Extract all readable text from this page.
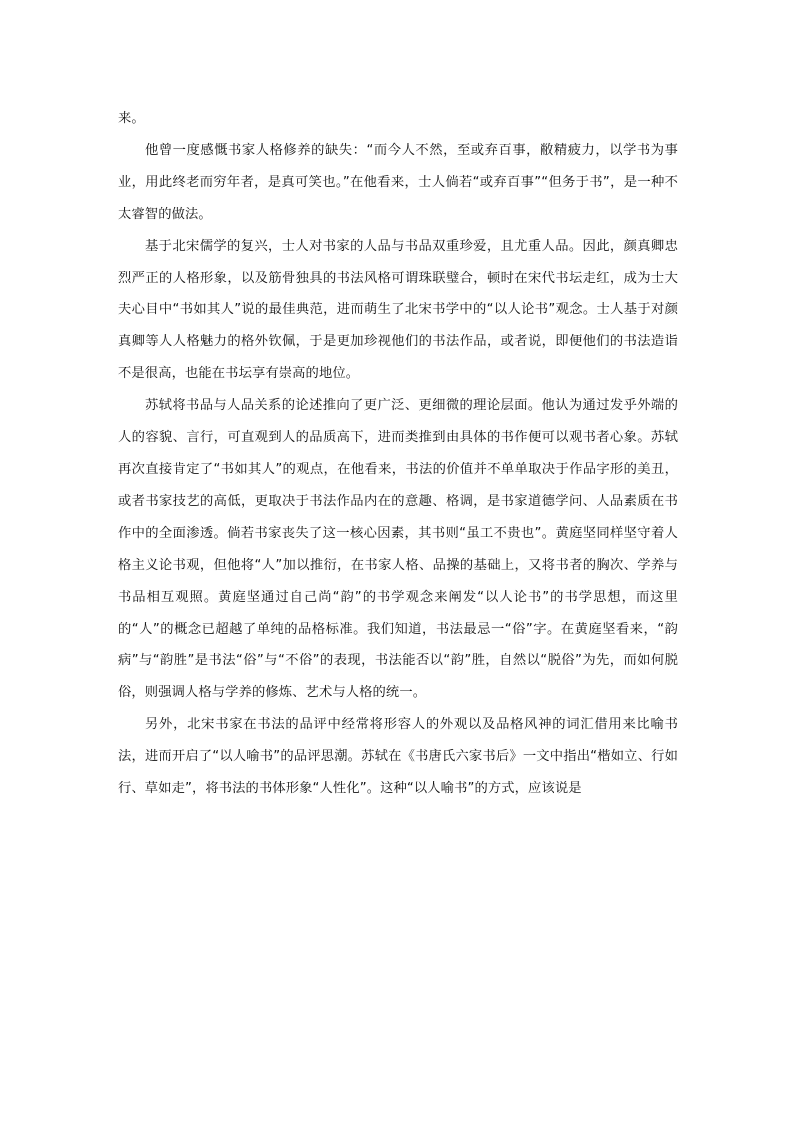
来。

他曾一度感慨书家人格修养的缺失：“而今人不然，至或弃百事，敝精疲力，以学书为事业，用此终老而穷年者，是真可笑也。”在他看来，士人倘若“或弃百事”“但务于书”，是一种不太睿智的做法。

基于北宋儒学的复兴，士人对书家的人品与书品双重珍爱，且尤重人品。因此，颜真卿忠烈严正的人格形象，以及筋骨独具的书法风格可谓珠联璧合，顿时在宋代书坛走红，成为士大夫心目中“书如其人”说的最佳典范，进而萌生了北宋书学中的“以人论书”观念。士人基于对颜真卿等人人格魅力的格外钦佩，于是更加珍视他们的书法作品，或者说，即便他们的书法造诣不是很高，也能在书坛享有崇高的地位。

苏轼将书品与人品关系的论述推向了更广泛、更细微的理论层面。他认为通过发乎外端的人的容貌、言行，可直观到人的品质高下，进而类推到由具体的书作便可以观书者心象。苏轼再次直接肯定了“书如其人”的观点，在他看来，书法的价值并不单单取决于作品字形的美丑，或者书家技艺的高低，更取决于书法作品内在的意趣、格调，是书家道德学问、人品素质在书作中的全面渗透。倘若书家丧失了这一核心因素，其书则“虽工不贵也”。黄庭坚同样坚守着人格主义论书观，但他将“人”加以推衍，在书家人格、品操的基础上，又将书者的胸次、学养与书品相互观照。黄庭坚通过自己尚“韵”的书学观念来阐发“以人论书”的书学思想，而这里的“人”的概念已超越了单纯的品格标准。我们知道，书法最忌一“俗”字。在黄庭坚看来，“韵病”与“韵胜”是书法“俗”与“不俗”的表现，书法能否以“韵”胜，自然以“脱俗”为先，而如何脱俗，则强调人格与学养的修炼、艺术与人格的统一。

另外，北宋书家在书法的品评中经常将形容人的外观以及品格风神的词汇借用来比喻书法，进而开启了“以人喻书”的品评思潮。苏轼在《书唐氏六家书后》一文中指出“楷如立、行如行、草如走”，将书法的书体形象“人性化”。这种“以人喻书”的方式，应该说是
